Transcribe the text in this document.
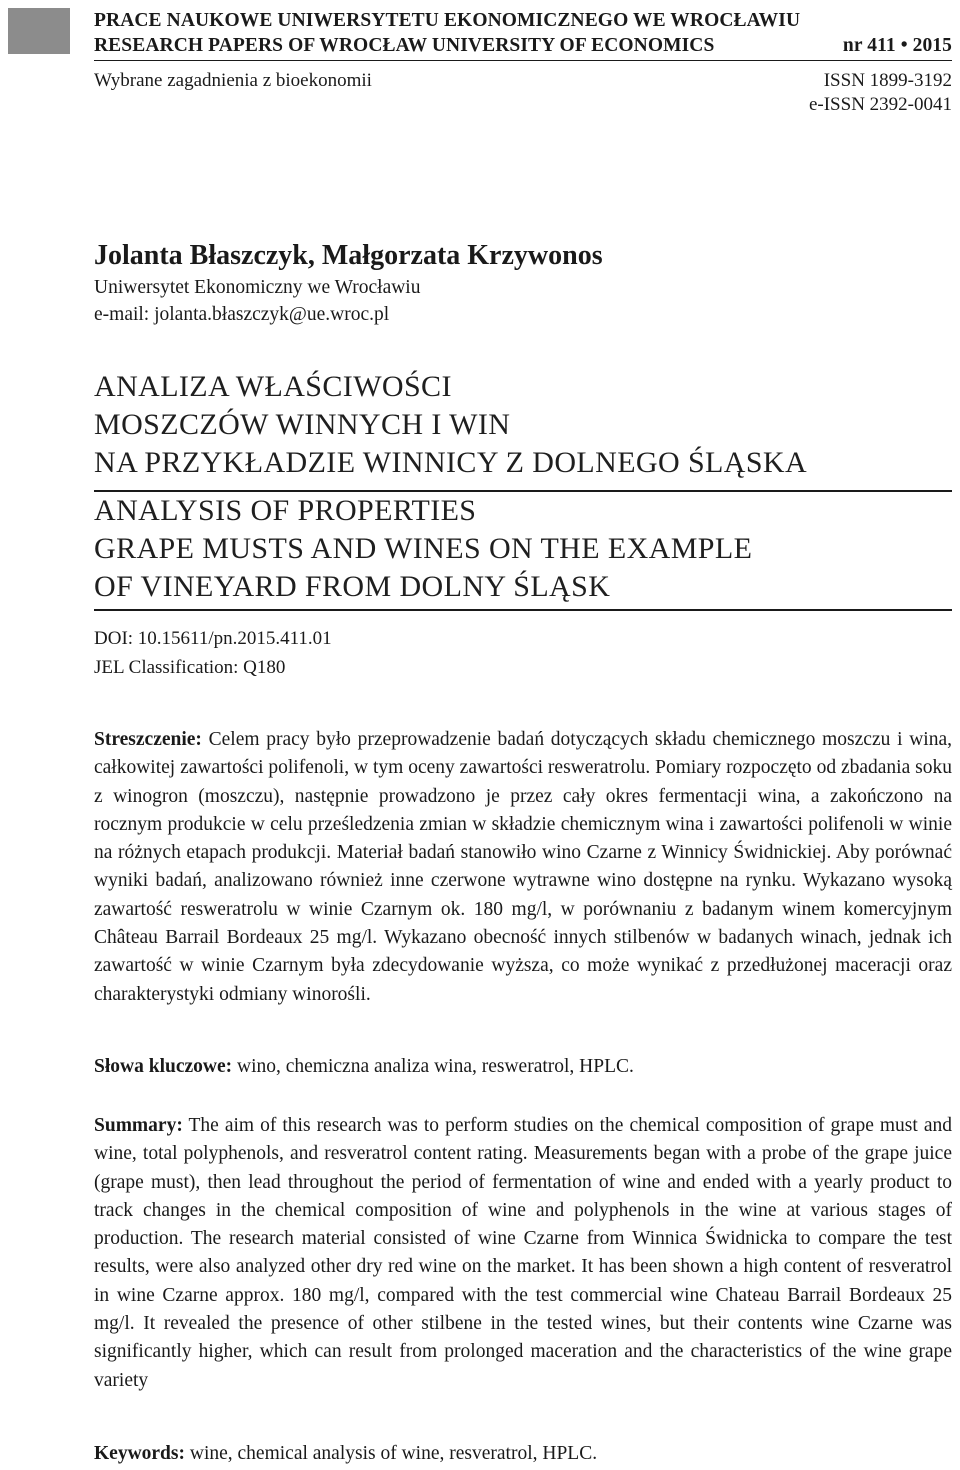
PRACE NAUKOWE UNIWERSYTETU EKONOMICZNEGO WE WROCŁAWIU
RESEARCH PAPERS OF WROCŁAW UNIVERSITY OF ECONOMICS	nr 411 • 2015
Wybrane zagadnienia z bioekonomii	ISSN 1899-3192
e-ISSN 2392-0041
Jolanta Błaszczyk, Małgorzata Krzywonos
Uniwersytet Ekonomiczny we Wrocławiu
e-mail: jolanta.błaszczyk@ue.wroc.pl
ANALIZA WŁAŚCIWOŚCI
MOSZCZÓW WINNYCH I WIN
NA PRZYKŁADZIE WINNICY Z DOLNEGO ŚLĄSKA
ANALYSIS OF PROPERTIES
GRAPE MUSTS AND WINES ON THE EXAMPLE
OF VINEYARD FROM DOLNY ŚLĄSK
DOI: 10.15611/pn.2015.411.01
JEL Classification: Q180
Streszczenie: Celem pracy było przeprowadzenie badań dotyczących składu chemicznego moszczu i wina, całkowitej zawartości polifenoli, w tym oceny zawartości resweratrolu. Pomiary rozpoczęto od zbadania soku z winogron (moszczu), następnie prowadzono je przez cały okres fermentacji wina, a zakończono na rocznym produkcie w celu prześledzenia zmian w składzie chemicznym wina i zawartości polifenoli w winie na różnych etapach produkcji. Materiał badań stanowiło wino Czarne z Winnicy Świdnickiej. Aby porównać wyniki badań, analizowano również inne czerwone wytrawne wino dostępne na rynku. Wykazano wysoką zawartość resweratrolu w winie Czarnym ok. 180 mg/l, w porównaniu z badanym winem komercyjnym Château Barrail Bordeaux 25 mg/l. Wykazano obecność innych stilbenów w badanych winach, jednak ich zawartość w winie Czarnym była zdecydowanie wyższa, co może wynikać z przedłużonej maceracji oraz charakterystyki odmiany winorośli.
Słowa kluczowe: wino, chemiczna analiza wina, resweratrol, HPLC.
Summary: The aim of this research was to perform studies on the chemical composition of grape must and wine, total polyphenols, and resveratrol content rating. Measurements began with a probe of the grape juice (grape must), then lead throughout the period of fermentation of wine and ended with a yearly product to track changes in the chemical composition of wine and polyphenols in the wine at various stages of production. The research material consisted of wine Czarne from Winnica Świdnicka to compare the test results, were also analyzed other dry red wine on the market. It has been shown a high content of resveratrol in wine Czarne approx. 180 mg/l, compared with the test commercial wine Chateau Barrail Bordeaux 25 mg/l. It revealed the presence of other stilbene in the tested wines, but their contents wine Czarne was significantly higher, which can result from prolonged maceration and the characteristics of the wine grape variety
Keywords: wine, chemical analysis of wine, resveratrol, HPLC.
